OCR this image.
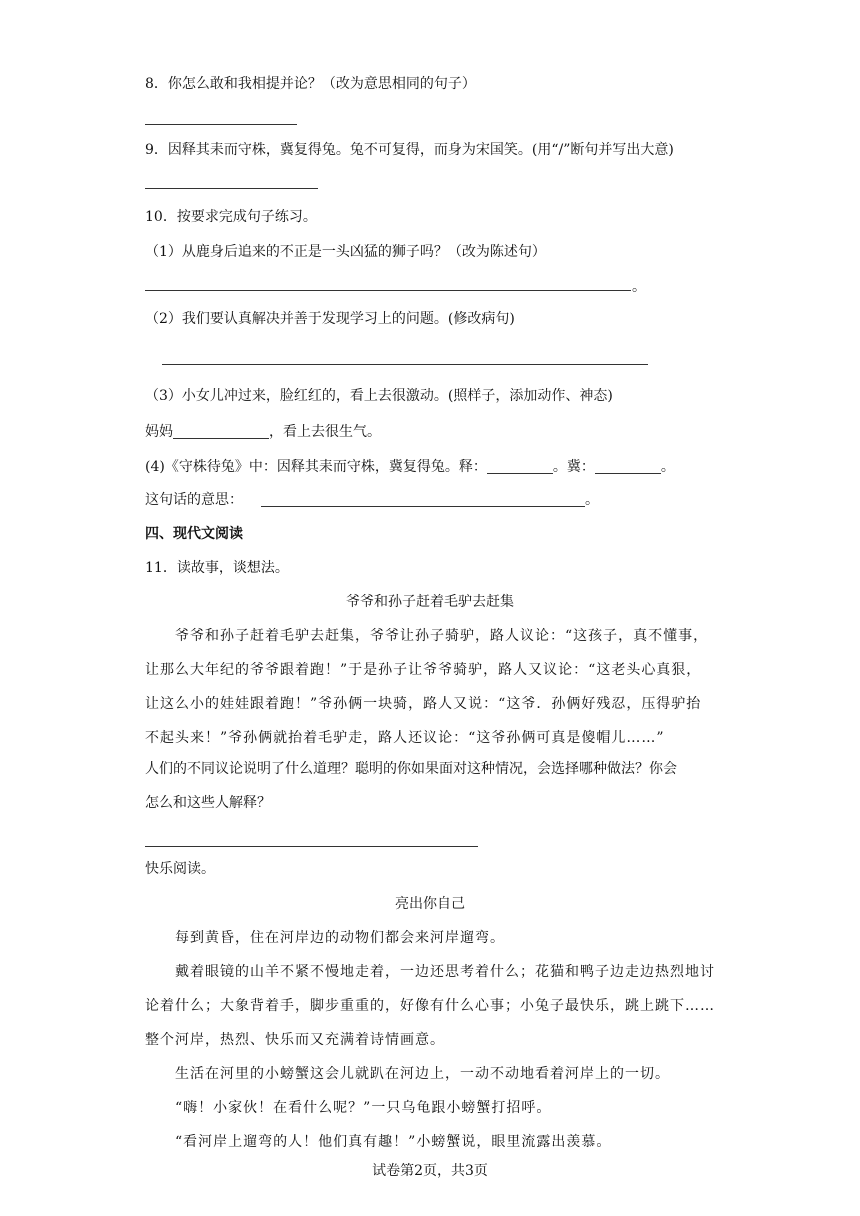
8．你怎么敢和我相提并论？（改为意思相同的句子）
9．因释其耒而守株，冀复得兔。兔不可复得，而身为宋国笑。(用“/”断句并写出大意)
10．按要求完成句子练习。
（1）从鹿身后追来的不正是一头凶猛的狮子吗？（改为陈述句）
。
（2）我们要认真解决并善于发现学习上的问题。(修改病句)
（3）小女儿冲过来，脸红红的，看上去很激动。(照样子，添加动作、神态)
妈妈	，看上去很生气。
(4)《守株待兔》中：因释其耒而守株，冀复得兔。释：	。冀：	。
这句话的意思：	。
四、现代文阅读
11．读故事，谈想法。
爷爷和孙子赶着毛驴去赶集
爷爷和孙子赶着毛驴去赶集，爷爷让孙子骑驴，路人议论：“这孩子，真不懂事，
让那么大年纪的爷爷跟着跑！”于是孙子让爷爷骑驴，路人又议论：“这老头心真狠，
让这么小的娃娃跟着跑！”爷孙俩一块骑，路人又说：“这爷．孙俩好残忍，压得驴抬
不起头来！”爷孙俩就抬着毛驴走，路人还议论：“这爷孙俩可真是傻帽儿……”
人们的不同议论说明了什么道理？聪明的你如果面对这种情况，会选择哪种做法？你会
怎么和这些人解释？
快乐阅读。
亮出你自己
每到黄昏，住在河岸边的动物们都会来河岸遛弯。
戴着眼镜的山羊不紧不慢地走着，一边还思考着什么；花猫和鸭子边走边热烈地讨
论着什么；大象背着手，脚步重重的，好像有什么心事；小兔子最快乐，跳上跳下……
整个河岸，热烈、快乐而又充满着诗情画意。
生活在河里的小螃蟹这会儿就趴在河边上，一动不动地看着河岸上的一切。
“嗨！小家伙！在看什么呢？”一只乌龟跟小螃蟹打招呼。
“看河岸上遛弯的人！他们真有趣！”小螃蟹说，眼里流露出羡慕。
试卷第2页，共3页
